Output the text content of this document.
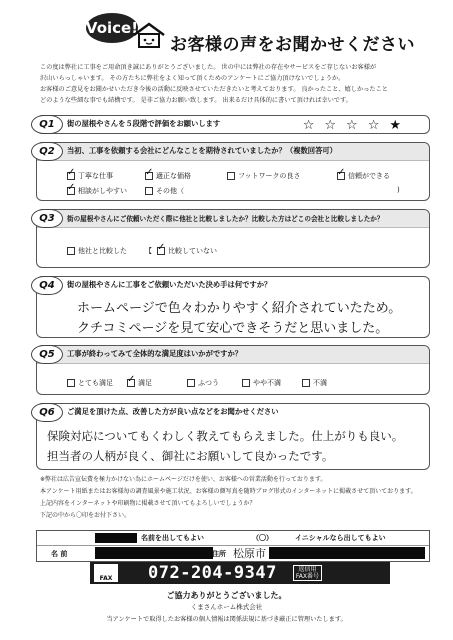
Voice!
お客様の声をお聞かせください
この度は弊社に工事をご用命頂き誠にありがとうございました。 世の中には弊社の存在やサービスをご存じないお客様が
沢山いらっしゃいます。 その方たちに弊社をよく知って頂くためのアンケートにご協力頂けないでしょうか。
お客様のご意見をお聞かせいただき今後の活動に反映させていただきたいと考えております。 良かったこと、嬉しかったこと
どのような些細な事でも結構です。 是非ご協力お願い致します。 出来るだけ具体的に書いて頂ければ幸いです。
Q1	街の屋根やさんを５段階で評価をお願いします	☆☆☆☆★
Q2	当初、工事を依頼する会社にどんなことを期待されていましたか？（複数回答可）
✓
丁寧な仕事 ✓	適正な価格	フットワークの良さ ✓	信頼ができる
✓
相談がしやすい	その他（	)
Q3	街の屋根やさんにご依頼いただく際に他社と比較しましたか？比較した方はどこの会社と比較しましたか？
他社と比較した	【 ✓ 比較していない
Q4	街の屋根やさんに工事をご依頼いただいた決め手は何ですか？
ホームページで色々わかりやすく紹介されていたため。
クチコミページを見て安心できそうだと思いました。
Q5	工事が終わってみて全体的な満足度はいかがですか？
とても満足 ✓	満足	ふつう	やや不満	不満
Q6	ご満足を頂けた点、改善した方が良い点などをお聞かせください
保険対応についてもくわしく教えてもらえました。仕上がりも良い。
担当者の人柄が良く、御社にお願いして良かったです。
※弊社は広告宣伝費を極力かけない為にホームページだけを使い、お客様への営業活動を行っております。
本アンケート用紙またはお客様毎の調査風景や施工状況、お客様の顔写真を随時ブログ形式のインターネットに掲載させて頂いております。
上記内容をインターネットや印刷物に掲載させて頂いてもよろしいでしょうか？
下記の中から〇印をお付下さい。
名前を出してもよい	（〇）	イニシャルなら出してもよい
名 前	ご住所 松原市
FAX 072-204-9347	返信用
FAX番号
ご協力ありがとうございました。
くまさんホーム株式会社
当アンケートで取得したお客様の個人情報は関係法規に基づき厳正に管理いたします。
